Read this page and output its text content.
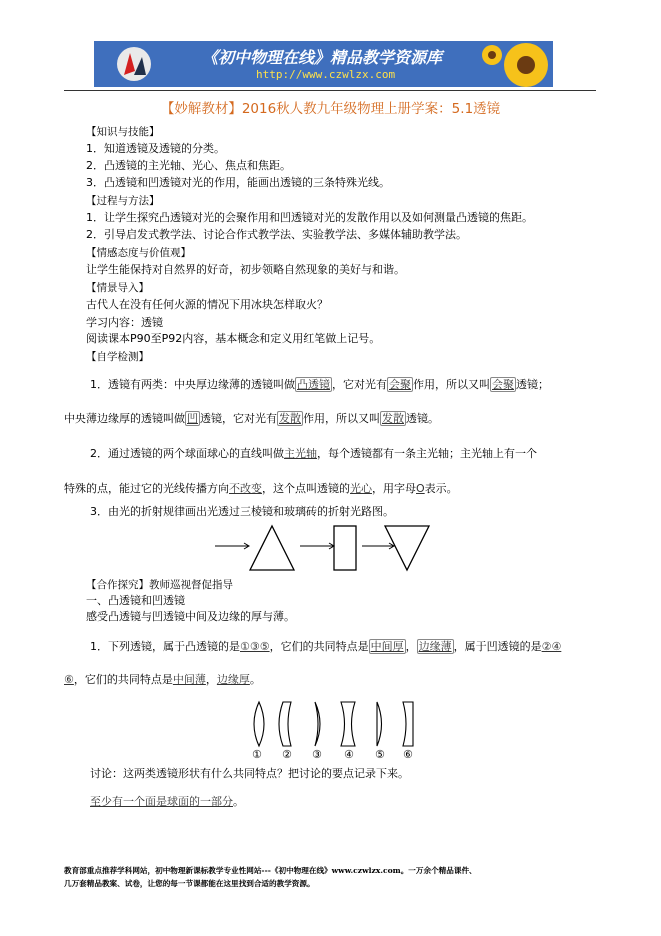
《初中物理在线》精品教学资源库
http://www.czwlzx.com
【妙解教材】2016秋人教九年级物理上册学案：5.1透镜
【知识与技能】
1．知道透镜及透镜的分类。
2．凸透镜的主光轴、光心、焦点和焦距。
3．凸透镜和凹透镜对光的作用，能画出透镜的三条特殊光线。
【过程与方法】
1．让学生探究凸透镜对光的会聚作用和凹透镜对光的发散作用以及如何测量凸透镜的焦距。
2．引导启发式教学法、讨论合作式教学法、实验教学法、多媒体辅助教学法。
【情感态度与价值观】
让学生能保持对自然界的好奇，初步领略自然现象的美好与和谐。
【情景导入】
古代人在没有任何火源的情况下用冰块怎样取火？
学习内容：透镜
阅读课本P90至P92内容，基本概念和定义用红笔做上记号。
【自学检测】
1．透镜有两类：中央厚边缘薄的透镜叫做 凸透镜 ，它对光有 会聚 作用，所以又叫 会聚 透镜；
中央薄边缘厚的透镜叫做 凹 透镜，它对光有 发散 作用，所以又叫 发散 透镜。
2．通过透镜的两个球面球心的直线叫做主光轴，每个透镜都有一条主光轴；主光轴上有一个
特殊的点，能过它的光线传播方向不改变，这个点叫透镜的光心，用字母O表示。
3．由光的折射规律画出光透过三棱镜和玻璃砖的折射光路图。
【合作探究】教师巡视督促指导
一、凸透镜和凹透镜
感受凸透镜与凹透镜中间及边缘的厚与薄。
1．下列透镜，属于凸透镜的是①③⑤，它们的共同特点是 中间厚 ， 边缘薄 ，属于凹透镜的是②④
⑥，它们的共同特点是中间薄，边缘厚。
① ② ③ ④ ⑤ ⑥
讨论：这两类透镜形状有什么共同特点？把讨论的要点记录下来。
至少有一个面是球面的一部分。
教育部重点推荐学科网站，初中物理新课标教学专业性网站---《初中物理在线》www.czwlzx.com。一万余个精品课件、
几万套精品教案、试卷，让您的每一节课都能在这里找到合适的教学资源。
